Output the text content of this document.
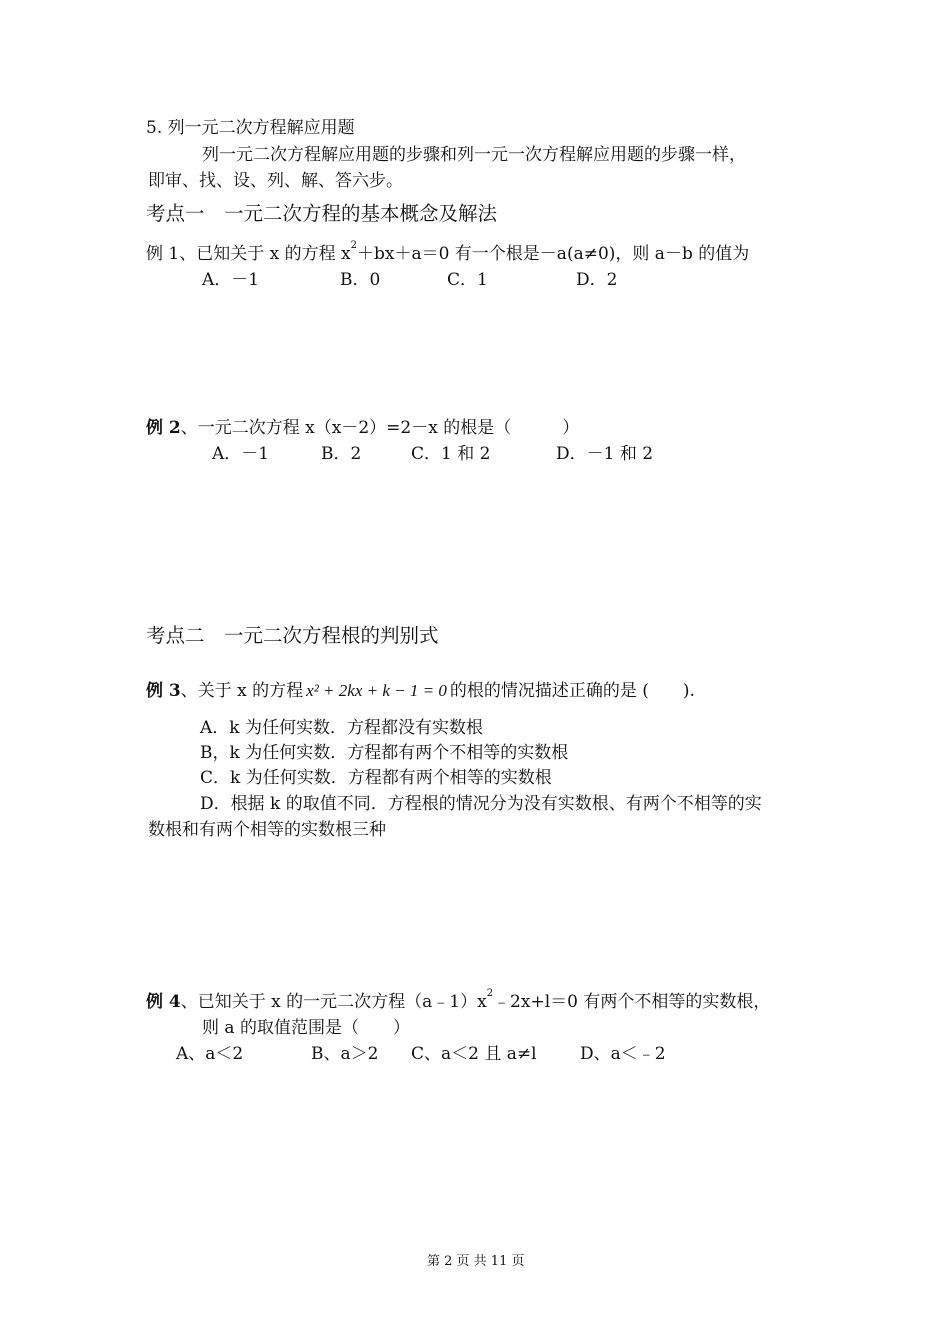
5. 列一元二次方程解应用题
列一元二次方程解应用题的步骤和列一元一次方程解应用题的步骤一样，
即审、找、设、列、解、答六步。
考点一　一元二次方程的基本概念及解法
例 1、已知关于 x 的方程 $x^2+bx+a=0$ 有一个根是－a(a≠0)，则 a－b 的值为
A．－1	B．0	C．1	D．2
例 2、一元二次方程 x（x－2）=2－x 的根是（　　　）
A．－1	B．2	C．1 和 2	D．－1 和 2
考点二　一元二次方程根的判别式
例 3、关于 x 的方程 x² + 2kx + k − 1 = 0 的根的情况描述正确的是 (　　).
A．k 为任何实数．方程都没有实数根
B，k 为任何实数．方程都有两个不相等的实数根
C．k 为任何实数．方程都有两个相等的实数根
D．根据 k 的取值不同．方程根的情况分为没有实数根、有两个不相等的实
数根和有两个相等的实数根三种
例 4、已知关于 x 的一元二次方程$(a﹣1)x^2﹣2x+l=0$ 有两个不相等的实数根，
则 a 的取值范围是（　　）
A、a＜2	B、a＞2 C、a＜2 且 a≠l	D、a＜﹣2
第 2 页 共 11 页
